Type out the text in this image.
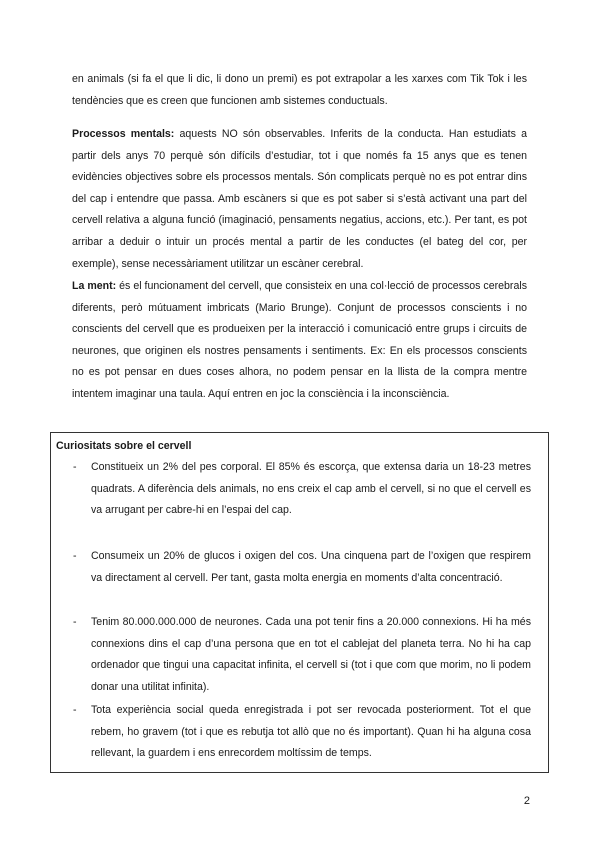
en animals (si fa el que li dic, li dono un premi) es pot extrapolar a les xarxes com Tik Tok i les tendències que es creen que funcionen amb sistemes conductuals.

Processos mentals: aquests NO són observables. Inferits de la conducta. Han estudiats a partir dels anys 70 perquè són difícils d’estudiar, tot i que només fa 15 anys que es tenen evidències objectives sobre els processos mentals. Són complicats perquè no es pot entrar dins del cap i entendre que passa. Amb escàners si que es pot saber si s’està activant una part del cervell relativa a alguna funció (imaginació, pensaments negatius, accions, etc.). Per tant, es pot arribar a deduir o intuir un procés mental a partir de les conductes (el bateg del cor, per exemple), sense necessàriament utilitzar un escàner cerebral.

La ment: és el funcionament del cervell, que consisteix en una col·lecció de processos cerebrals diferents, però mútuament imbricats (Mario Brunge). Conjunt de processos conscients i no conscients del cervell que es produeixen per la interacció i comunicació entre grups i circuits de neurones, que originen els nostres pensaments i sentiments. Ex: En els processos conscients no es pot pensar en dues coses alhora, no podem pensar en la llista de la compra mentre intentem imaginar una taula. Aquí entren en joc la consciència i la inconsciència.

Curiositats sobre el cervell

- Constitueix un 2% del pes corporal. El 85% és escorça, que extensa daria un 18-23 metres quadrats. A diferència dels animals, no ens creix el cap amb el cervell, si no que el cervell es va arrugant per cabre-hi en l’espai del cap.
- Consumeix un 20% de glucos i oxigen del cos. Una cinquena part de l’oxigen que respirem va directament al cervell. Per tant, gasta molta energia en moments d’alta concentració.
- Tenim 80.000.000.000 de neurones. Cada una pot tenir fins a 20.000 connexions. Hi ha més connexions dins el cap d’una persona que en tot el cablejat del planeta terra. No hi ha cap ordenador que tingui una capacitat infinita, el cervell si (tot i que com que morim, no li podem donar una utilitat infinita).
- Tota experiència social queda enregistrada i pot ser revocada posteriorment. Tot el que rebem, ho gravem (tot i que es rebutja tot allò que no és important). Quan hi ha alguna cosa rellevant, la guardem i ens enrecordem moltíssim de temps.
2
